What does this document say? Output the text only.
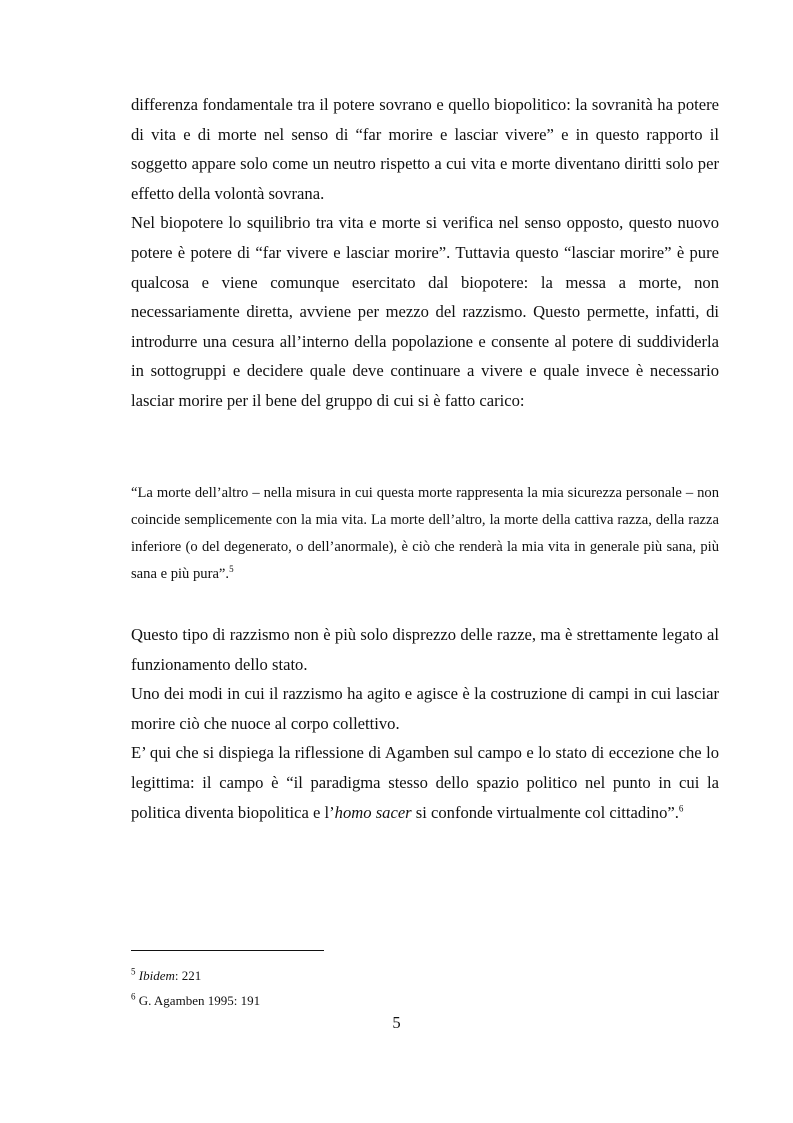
differenza fondamentale tra il potere sovrano e quello biopolitico: la sovranità ha potere di vita e di morte nel senso di “far morire e lasciar vivere” e in questo rapporto il soggetto appare solo come un neutro rispetto a cui vita e morte diventano diritti solo per effetto della volontà sovrana.

Nel biopotere lo squilibrio tra vita e morte si verifica nel senso opposto, questo nuovo potere è potere di “far vivere e lasciar morire”. Tuttavia questo “lasciar morire” è pure qualcosa e viene comunque esercitato dal biopotere: la messa a morte, non necessariamente diretta, avviene per mezzo del razzismo. Questo permette, infatti, di introdurre una cesura all’interno della popolazione e consente al potere di suddividerla in sottogruppi e decidere quale deve continuare a vivere e quale invece è necessario lasciar morire per il bene del gruppo di cui si è fatto carico:

“La morte dell’altro – nella misura in cui questa morte rappresenta la mia sicurezza personale – non coincide semplicemente con la mia vita. La morte dell’altro, la morte della cattiva razza, della razza inferiore (o del degenerato, o dell’anormale), è ciò che renderà la mia vita in generale più sana, più sana e più pura”.$^5$

Questo tipo di razzismo non è più solo disprezzo delle razze, ma è strettamente legato al funzionamento dello stato.

Uno dei modi in cui il razzismo ha agito e agisce è la costruzione di campi in cui lasciar morire ciò che nuoce al corpo collettivo.

E’ qui che si dispiega la riflessione di Agamben sul campo e lo stato di eccezione che lo legittima: il campo è “il paradigma stesso dello spazio politico nel punto in cui la politica diventa biopolitica e l’homo sacer si confonde virtualmente col cittadino”.$^6$

$^5$ Ibidem: 221

$^6$ G. Agamben 1995: 191

5
